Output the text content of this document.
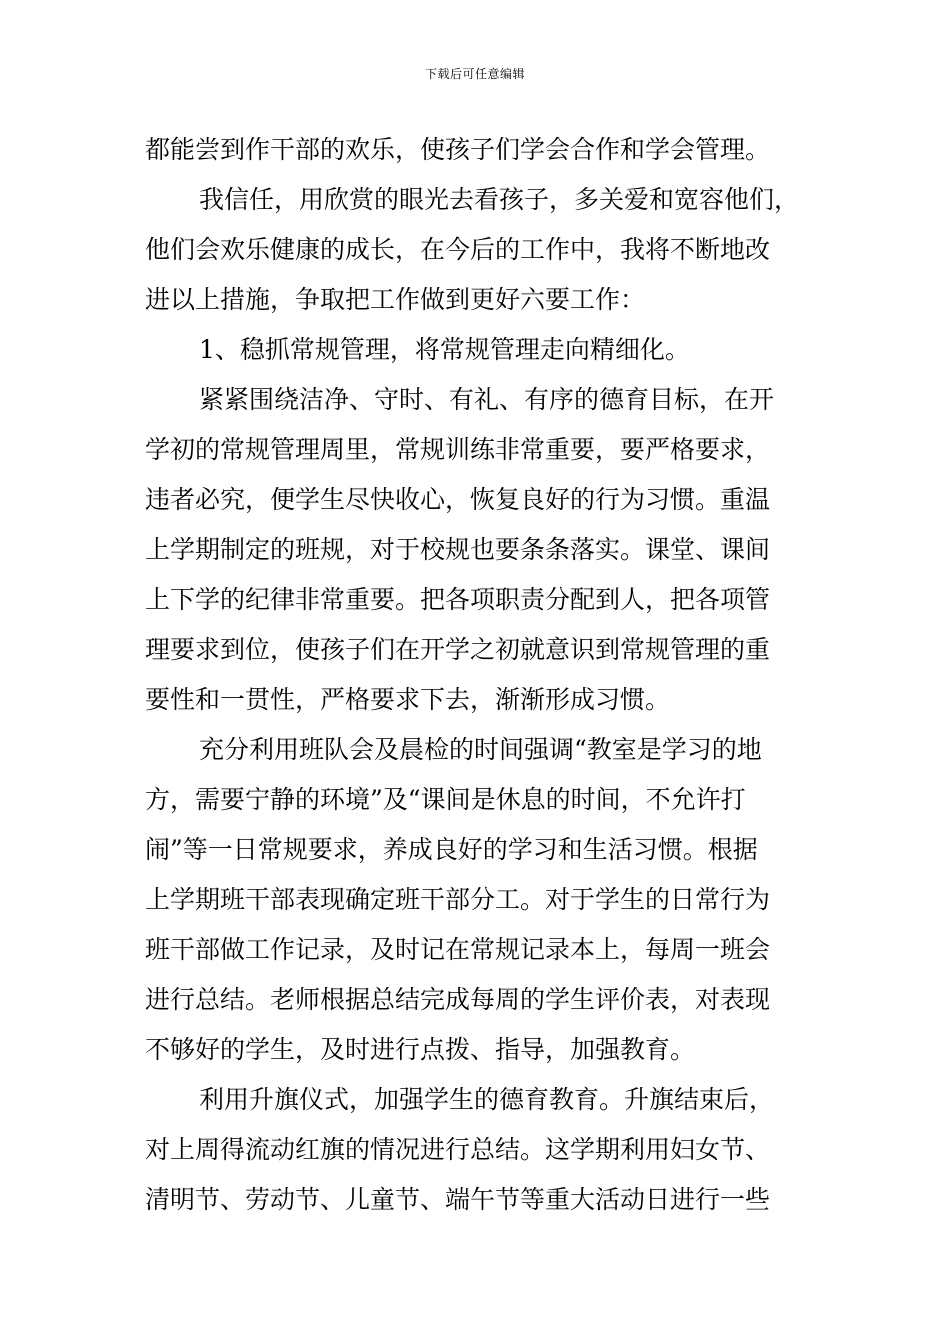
下载后可任意编辑
都能尝到作干部的欢乐，使孩子们学会合作和学会管理。
我信任，用欣赏的眼光去看孩子，多关爱和宽容他们，
他们会欢乐健康的成长，在今后的工作中，我将不断地改
进以上措施，争取把工作做到更好六要工作：
1、稳抓常规管理，将常规管理走向精细化。
紧紧围绕洁净、守时、有礼、有序的德育目标，在开
学初的常规管理周里，常规训练非常重要，要严格要求，
违者必究，便学生尽快收心，恢复良好的行为习惯。重温
上学期制定的班规，对于校规也要条条落实。课堂、课间
上下学的纪律非常重要。把各项职责分配到人，把各项管
理要求到位，使孩子们在开学之初就意识到常规管理的重
要性和一贯性，严格要求下去，渐渐形成习惯。
充分利用班队会及晨检的时间强调“教室是学习的地
方，需要宁静的环境”及“课间是休息的时间，不允许打
闹”等一日常规要求，养成良好的学习和生活习惯。根据
上学期班干部表现确定班干部分工。对于学生的日常行为
班干部做工作记录，及时记在常规记录本上，每周一班会
进行总结。老师根据总结完成每周的学生评价表，对表现
不够好的学生，及时进行点拨、指导，加强教育。
利用升旗仪式，加强学生的德育教育。升旗结束后，
对上周得流动红旗的情况进行总结。这学期利用妇女节、
清明节、劳动节、儿童节、端午节等重大活动日进行一些
